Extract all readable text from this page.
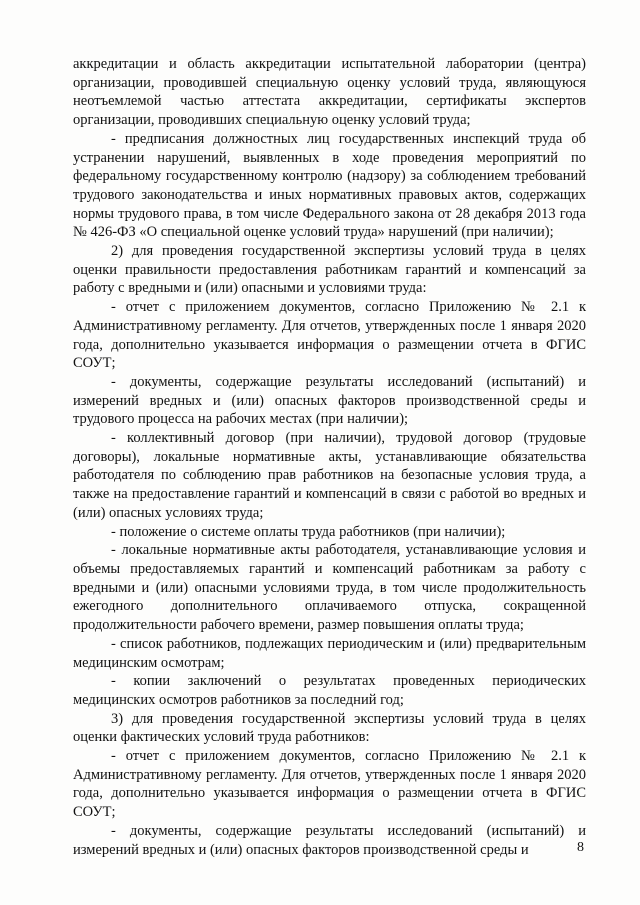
аккредитации и область аккредитации испытательной лаборатории (центра) организации, проводившей специальную оценку условий труда, являющуюся неотъемлемой частью аттестата аккредитации, сертификаты экспертов организации, проводивших специальную оценку условий труда;

- предписания должностных лиц государственных инспекций труда об устранении нарушений, выявленных в ходе проведения мероприятий по федеральному государственному контролю (надзору) за соблюдением требований трудового законодательства и иных нормативных правовых актов, содержащих нормы трудового права, в том числе Федерального закона от 28 декабря 2013 года № 426-ФЗ «О специальной оценке условий труда» нарушений (при наличии);

2) для проведения государственной экспертизы условий труда в целях оценки правильности предоставления работникам гарантий и компенсаций за работу с вредными и (или) опасными и условиями труда:

- отчет с приложением документов, согласно Приложению № 2.1 к Административному регламенту. Для отчетов, утвержденных после 1 января 2020 года, дополнительно указывается информация о размещении отчета в ФГИС СОУТ;

- документы, содержащие результаты исследований (испытаний) и измерений вредных и (или) опасных факторов производственной среды и трудового процесса на рабочих местах (при наличии);

- коллективный договор (при наличии), трудовой договор (трудовые договоры), локальные нормативные акты, устанавливающие обязательства работодателя по соблюдению прав работников на безопасные условия труда, а также на предоставление гарантий и компенсаций в связи с работой во вредных и (или) опасных условиях труда;

- положение о системе оплаты труда работников (при наличии);

- локальные нормативные акты работодателя, устанавливающие условия и объемы предоставляемых гарантий и компенсаций работникам за работу с вредными и (или) опасными условиями труда, в том числе продолжительность ежегодного дополнительного оплачиваемого отпуска, сокращенной продолжительности рабочего времени, размер повышения оплаты труда;

- список работников, подлежащих периодическим и (или) предварительным медицинским осмотрам;

- копии заключений о результатах проведенных периодических медицинских осмотров работников за последний год;

3) для проведения государственной экспертизы условий труда в целях оценки фактических условий труда работников:

- отчет с приложением документов, согласно Приложению № 2.1 к Административному регламенту. Для отчетов, утвержденных после 1 января 2020 года, дополнительно указывается информация о размещении отчета в ФГИС СОУТ;

- документы, содержащие результаты исследований (испытаний) и измерений вредных и (или) опасных факторов производственной среды и	8
